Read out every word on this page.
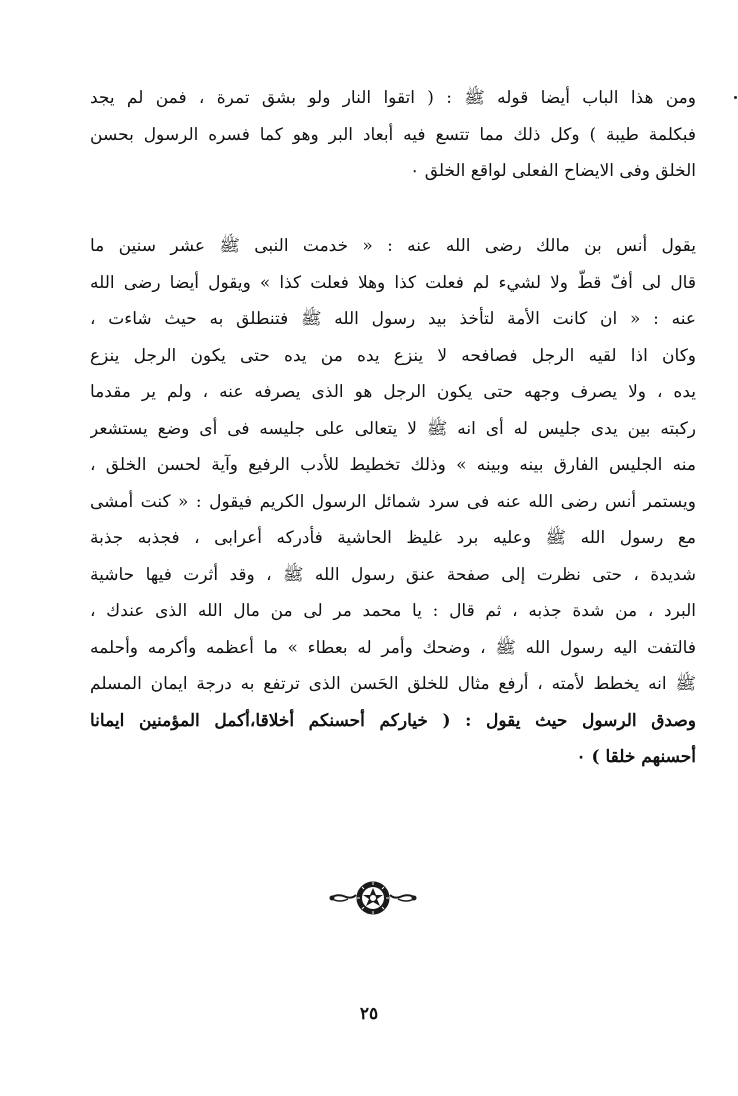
ومن هذا الباب أيضا قوله ﷺ : ( اتقوا النار ولو بشق تمرة ، فمن لم يجد
فبكلمة طيبة ) وكل ذلك مما تتسع فيه أبعاد البر وهو كما فسره الرسول بحسن
الخلق وفى الايضاح الفعلى لواقع الخلق ٠
يقول أنس بن مالك رضى الله عنه : « خدمت النبى ﷺ عشر سنين ما
قال لى أفّ قطّ ولا لشيء لم فعلت كذا وهلا فعلت كذا » ويقول أيضا رضى الله
عنه : « ان كانت الأمة لتأخذ بيد رسول الله ﷺ فتنطلق به حيث شاءت ،
وكان اذا لقيه الرجل فصافحه لا ينزع يده من يده حتى يكون الرجل ينزع
يده ، ولا يصرف وجهه حتى يكون الرجل هو الذى يصرفه عنه ، ولم ير مقدما
ركبته بين يدى جليس له أى انه ﷺ لا يتعالى على جليسه فى أى وضع يستشعر
منه الجليس الفارق بينه وبينه » وذلك تخطيط للأدب الرفيع وآية لحسن الخلق ،
ويستمر أنس رضى الله عنه فى سرد شمائل الرسول الكريم فيقول : « كنت أمشى
مع رسول الله ﷺ وعليه برد غليظ الحاشية فأدركه أعرابى ، فجذبه جذبة
شديدة ، حتى نظرت إلى صفحة عنق رسول الله ﷺ ، وقد أثرت فيها حاشية
البرد ، من شدة جذبه ، ثم قال : يا محمد مر لى من مال الله الذى عندك ،
فالتفت اليه رسول الله ﷺ ، وضحك وأمر له بعطاء » ما أعظمه وأكرمه وأحلمه
ﷺ انه يخطط لأمته ، أرفع مثال للخلق الحَسن الذى ترتفع به درجة ايمان المسلم
وصدق الرسول حيث يقول : ( خياركم أحسنكم أخلاقا،أكمل المؤمنين ايمانا
أحسنهم خلقا ) ٠
٢٥
